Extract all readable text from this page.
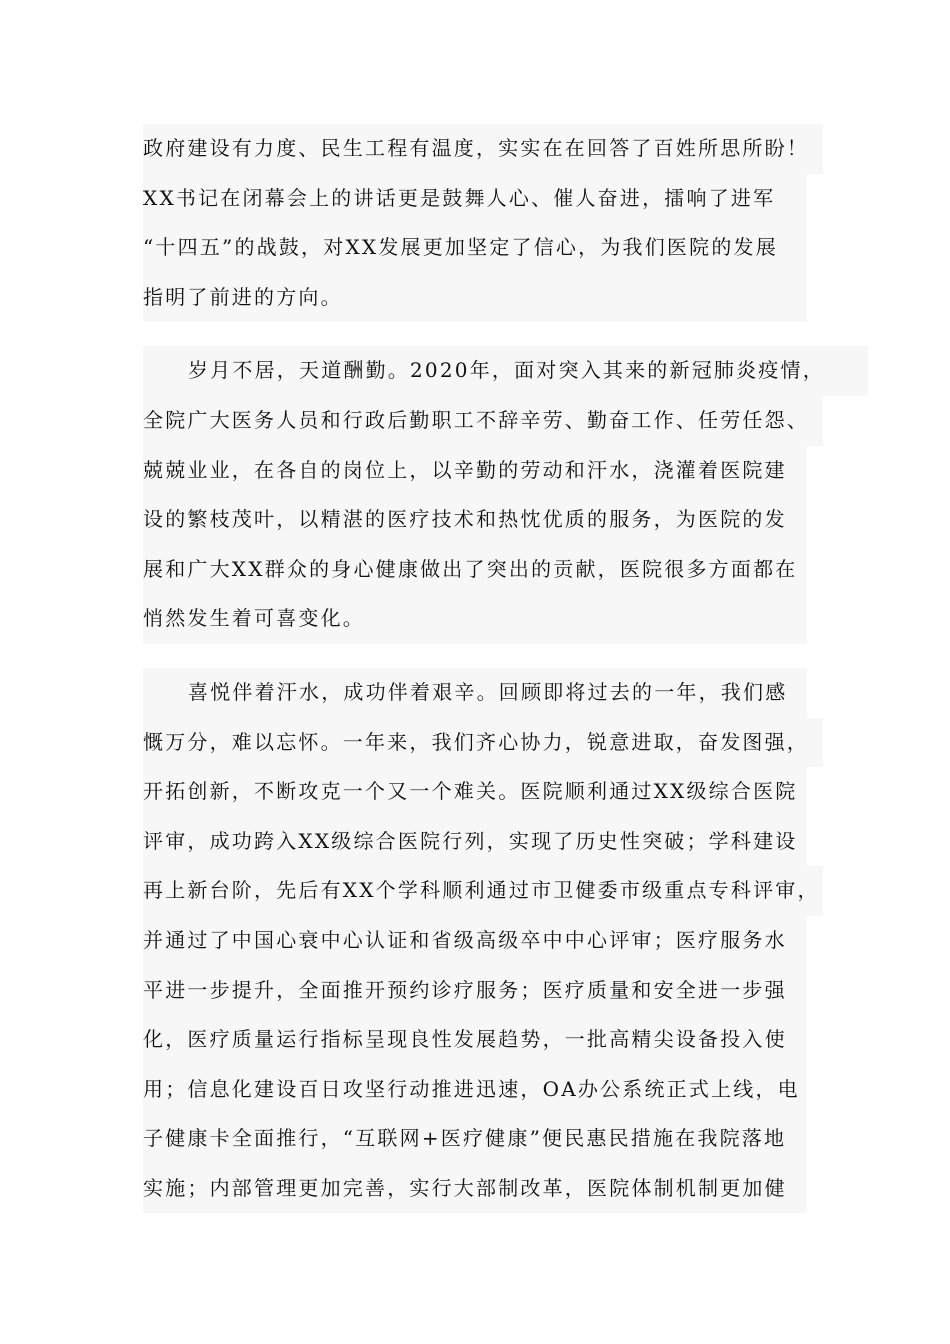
政府建设有力度、民生工程有温度，实实在在回答了百姓所思所盼！
XX书记在闭幕会上的讲话更是鼓舞人心、催人奋进，擂响了进军
“十四五”的战鼓，对XX发展更加坚定了信心，为我们医院的发展
指明了前进的方向。
岁月不居，天道酬勤。2020年，面对突入其来的新冠肺炎疫情，
全院广大医务人员和行政后勤职工不辞辛劳、勤奋工作、任劳任怨、
兢兢业业，在各自的岗位上，以辛勤的劳动和汗水，浇灌着医院建
设的繁枝茂叶，以精湛的医疗技术和热忱优质的服务，为医院的发
展和广大XX群众的身心健康做出了突出的贡献，医院很多方面都在
悄然发生着可喜变化。
喜悦伴着汗水，成功伴着艰辛。回顾即将过去的一年，我们感
慨万分，难以忘怀。一年来，我们齐心协力，锐意进取，奋发图强，
开拓创新，不断攻克一个又一个难关。医院顺利通过XX级综合医院
评审，成功跨入XX级综合医院行列，实现了历史性突破；学科建设
再上新台阶，先后有XX个学科顺利通过市卫健委市级重点专科评审，
并通过了中国心衰中心认证和省级高级卒中中心评审；医疗服务水
平进一步提升，全面推开预约诊疗服务；医疗质量和安全进一步强
化，医疗质量运行指标呈现良性发展趋势，一批高精尖设备投入使
用；信息化建设百日攻坚行动推进迅速，OA办公系统正式上线，电
子健康卡全面推行，“互联网+医疗健康”便民惠民措施在我院落地
实施；内部管理更加完善，实行大部制改革，医院体制机制更加健
